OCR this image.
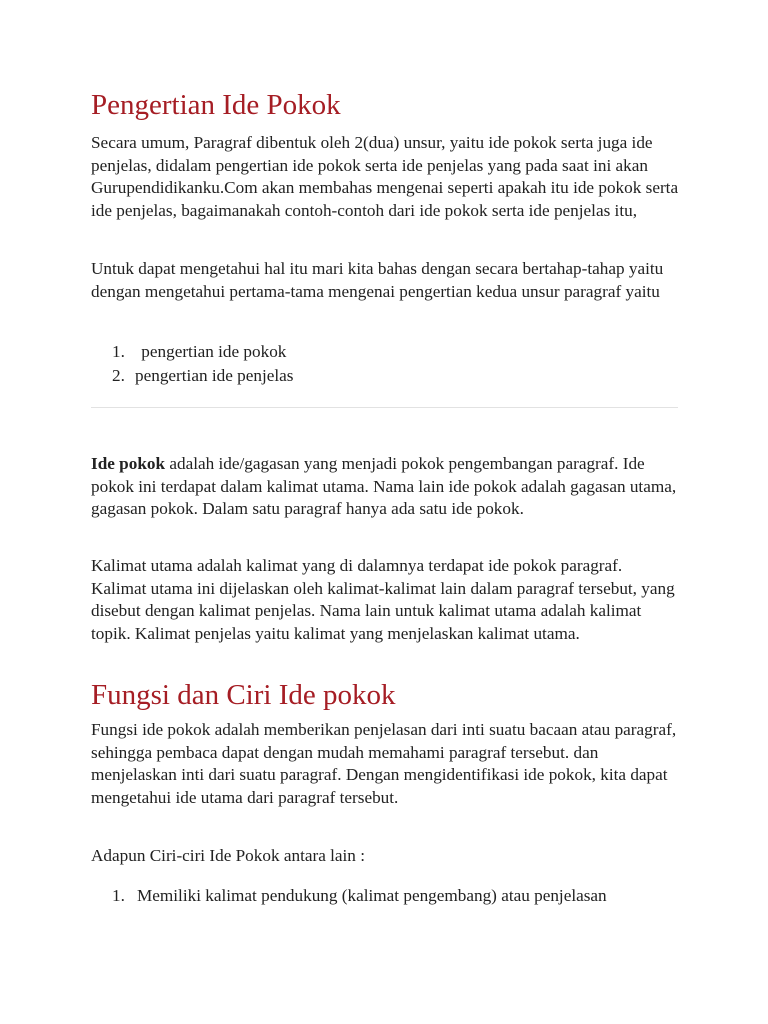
Pengertian Ide Pokok

Secara umum, Paragraf dibentuk oleh 2(dua) unsur, yaitu ide pokok serta juga ide penjelas, didalam pengertian ide pokok serta ide penjelas yang pada saat ini akan Gurupendidikanku.Com akan membahas mengenai seperti apakah itu ide pokok serta ide penjelas, bagaimanakah contoh-contoh dari ide pokok serta ide penjelas itu,

Untuk dapat mengetahui hal itu mari kita bahas dengan secara bertahap-tahap yaitu dengan mengetahui pertama-tama mengenai pengertian kedua unsur paragraf yaitu

1. pengertian ide pokok
2. pengertian ide penjelas

Ide pokok adalah ide/gagasan yang menjadi pokok pengembangan paragraf. Ide pokok ini terdapat dalam kalimat utama. Nama lain ide pokok adalah gagasan utama, gagasan pokok. Dalam satu paragraf hanya ada satu ide pokok.

Kalimat utama adalah kalimat yang di dalamnya terdapat ide pokok paragraf. Kalimat utama ini dijelaskan oleh kalimat-kalimat lain dalam paragraf tersebut, yang disebut dengan kalimat penjelas. Nama lain untuk kalimat utama adalah kalimat topik. Kalimat penjelas yaitu kalimat yang menjelaskan kalimat utama.

Fungsi dan Ciri Ide pokok

Fungsi ide pokok adalah memberikan penjelasan dari inti suatu bacaan atau paragraf, sehingga pembaca dapat dengan mudah memahami paragraf tersebut. dan menjelaskan inti dari suatu paragraf. Dengan mengidentifikasi ide pokok, kita dapat mengetahui ide utama dari paragraf tersebut.

Adapun Ciri-ciri Ide Pokok antara lain :

1. Memiliki kalimat pendukung (kalimat pengembang) atau penjelasan
